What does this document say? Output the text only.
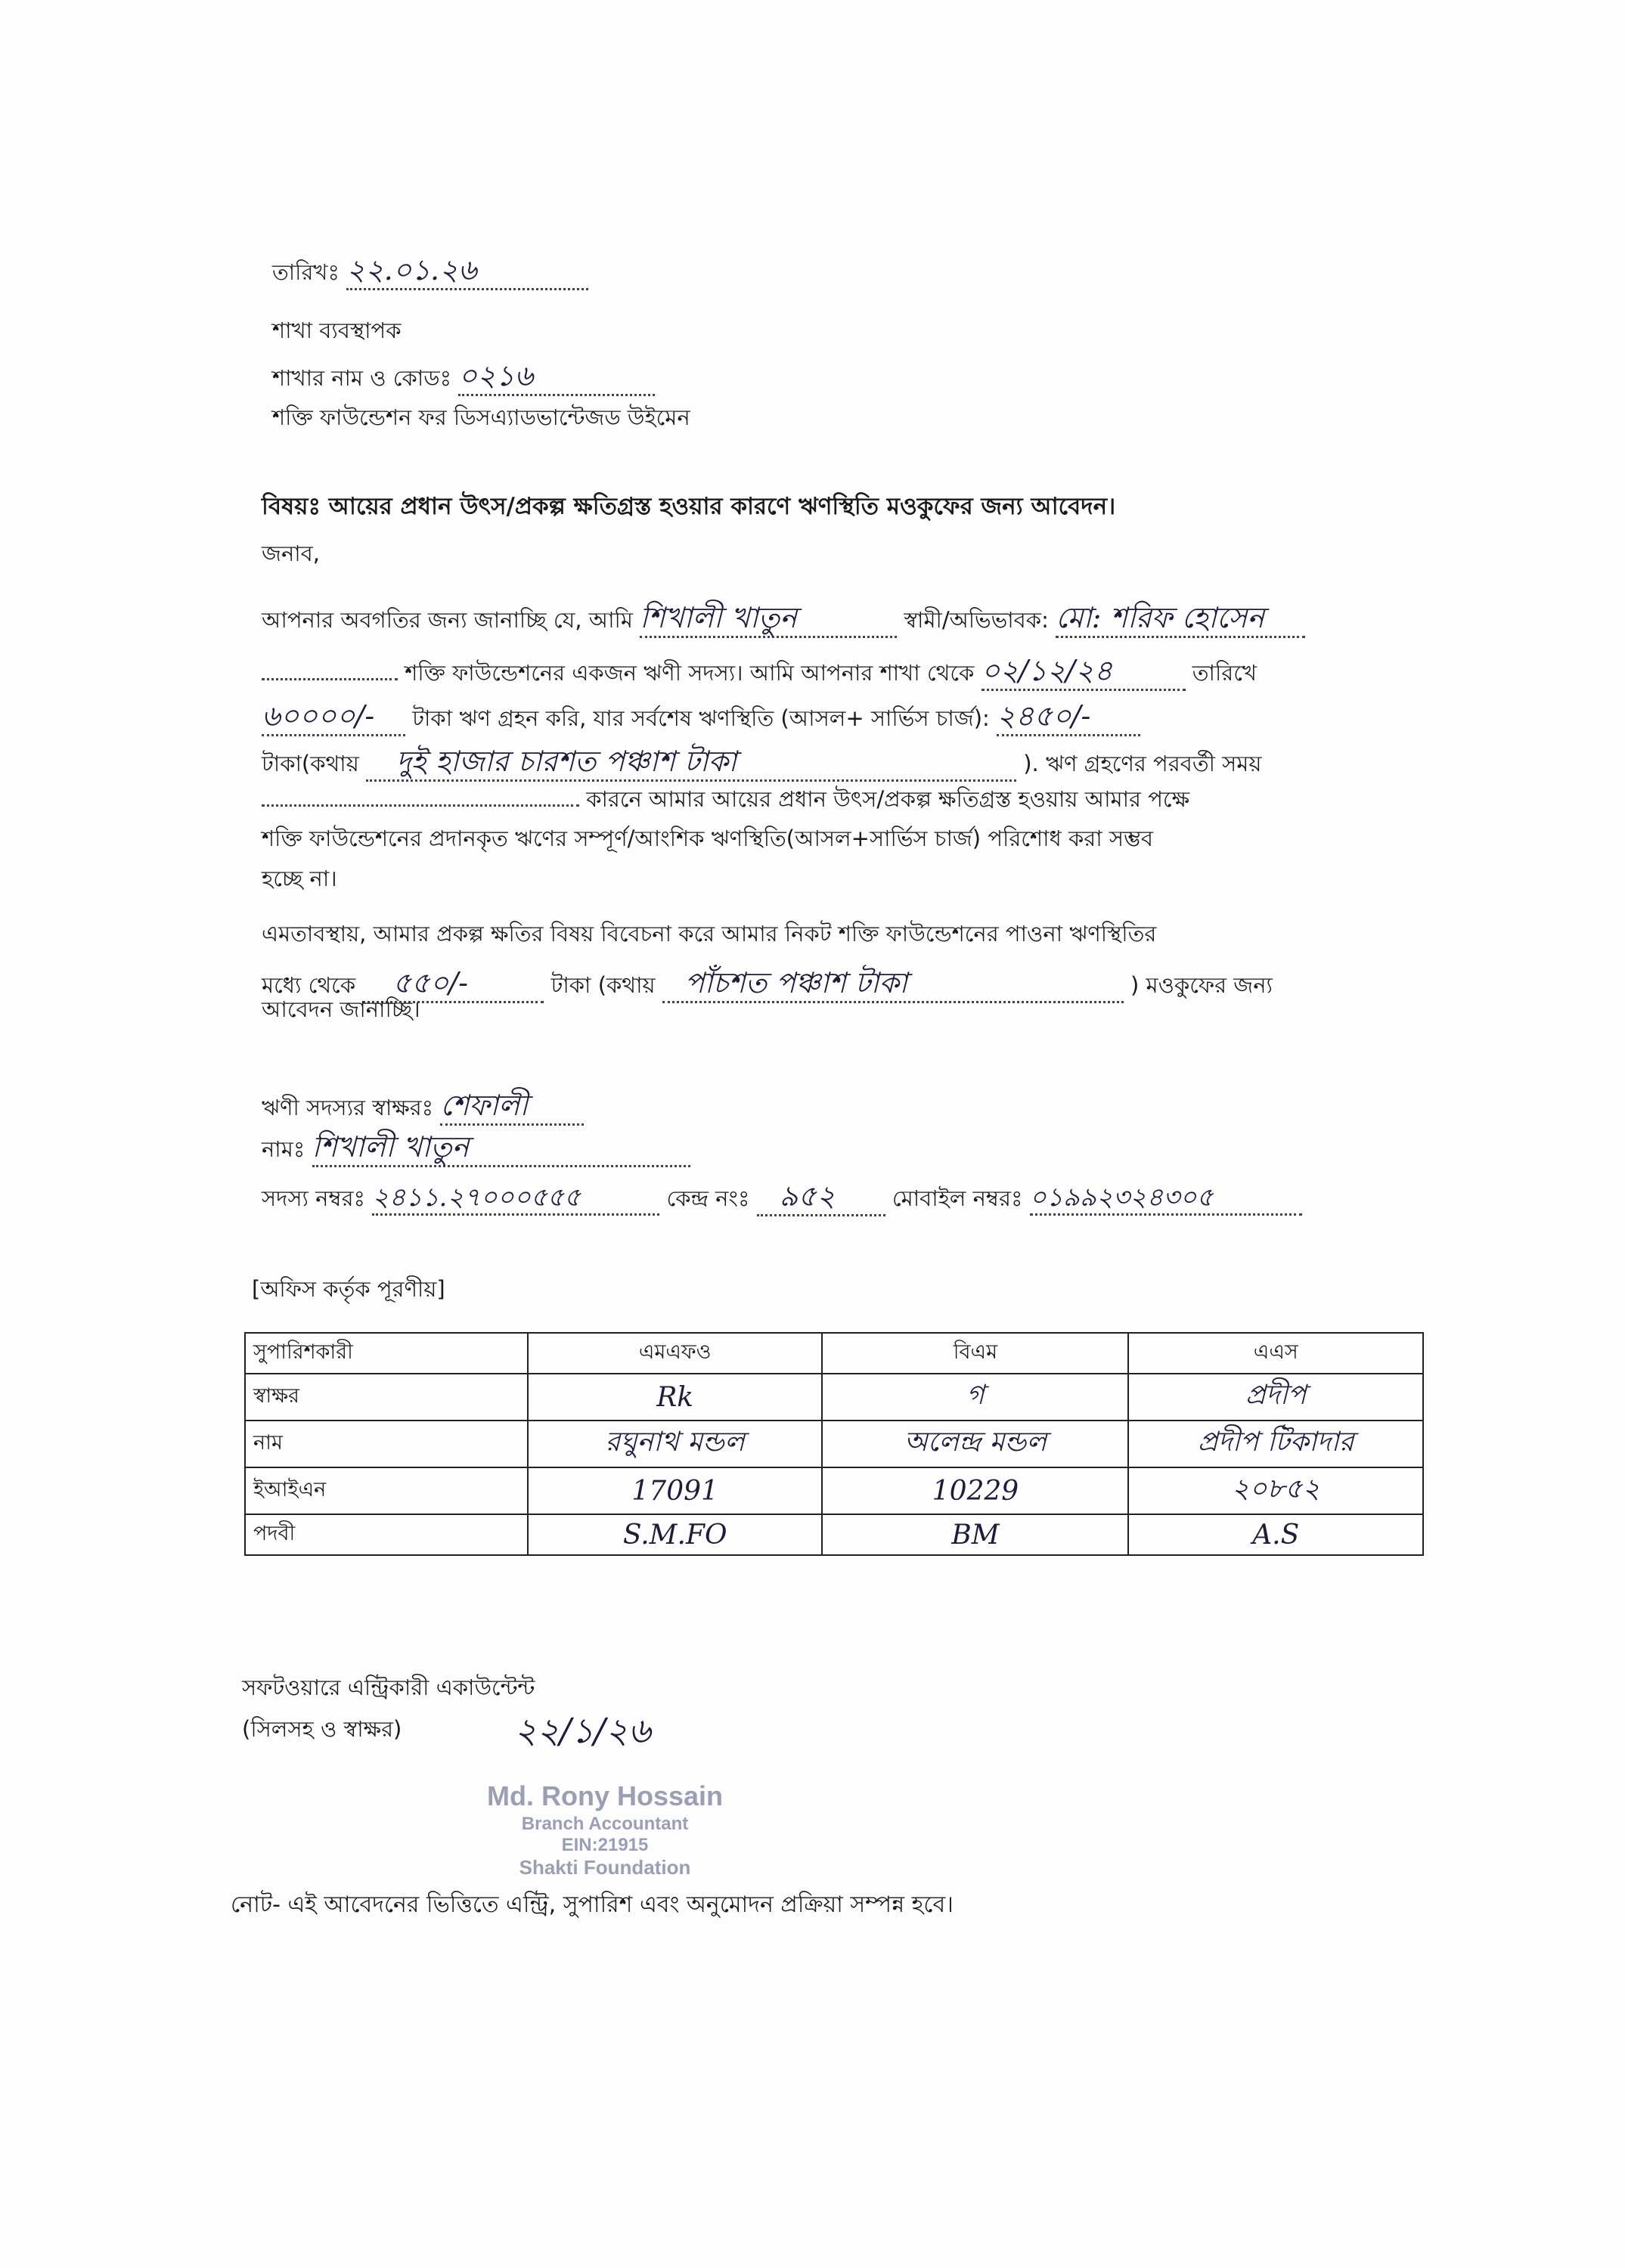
তারিখঃ ২২.০১.২৬
শাখা ব্যবস্থাপক
শাখার নাম ও কোডঃ ০২১৬
শক্তি ফাউন্ডেশন ফর ডিসএ্যাডভান্টেজড উইমেন
বিষয়ঃ আয়ের প্রধান উৎস/প্রকল্প ক্ষতিগ্রস্ত হওয়ার কারণে ঋণস্থিতি মওকুফের জন্য আবেদন।
জনাব,
আপনার অবগতির জন্য জানাচ্ছি যে, আমি শিখালী খাতুন	স্বামী/অভিভাবক: মো: শরিফ হোসেন
শক্তি ফাউন্ডেশনের একজন ঋণী সদস্য। আমি আপনার শাখা থেকে ০২/১২/২৪	তারিখে
৬০০০০/- টাকা ঋণ গ্রহন করি, যার সর্বশেষ ঋণস্থিতি (আসল+ সার্ভিস চার্জ): ২৪৫০/-
টাকা(কথায় দুই হাজার চারশত পঞ্চাশ টাকা	). ঋণ গ্রহণের পরবর্তী সময়
কারনে আমার আয়ের প্রধান উৎস/প্রকল্প ক্ষতিগ্রস্ত হওয়ায় আমার পক্ষে
শক্তি ফাউন্ডেশনের প্রদানকৃত ঋণের সম্পূর্ণ/আংশিক ঋণস্থিতি(আসল+সার্ভিস চার্জ) পরিশোধ করা সম্ভব
হচ্ছে না।
এমতাবস্থায়, আমার প্রকল্প ক্ষতির বিষয় বিবেচনা করে আমার নিকট শক্তি ফাউন্ডেশনের পাওনা ঋণস্থিতির
মধ্যে থেকে ৫৫০/-	টাকা (কথায় পাঁচশত পঞ্চাশ টাকা	) মওকুফের জন্য
আবেদন জানাচ্ছি।
ঋণী সদস্যর স্বাক্ষরঃ শেফালী
নামঃ শিখালী খাতুন
সদস্য নম্বরঃ ২৪১১.২৭০০০৫৫৫	কেন্দ্র নংঃ ৯৫২	মোবাইল নম্বরঃ ০১৯৯২৩২৪৩০৫
[অফিস কর্তৃক পূরণীয়]
সুপারিশকারী	এমএফও	বিএম	এএস
স্বাক্ষর	Rk	গ	প্রদীপ
নাম	রঘুনাথ মন্ডল	অলেন্দ্র মন্ডল	প্রদীপ টিকাদার
ইআইএন	17091	10229	২০৮৫২
পদবী	S.M.FO	BM	A.S
সফটওয়ারে এন্ট্রিকারী একাউন্টেন্ট
(সিলসহ ও স্বাক্ষর)	২২/১/২৬
Md. Rony Hossain
Branch Accountant
EIN:21915
Shakti Foundation
নোট- এই আবেদনের ভিত্তিতে এন্ট্রি, সুপারিশ এবং অনুমোদন প্রক্রিয়া সম্পন্ন হবে।
